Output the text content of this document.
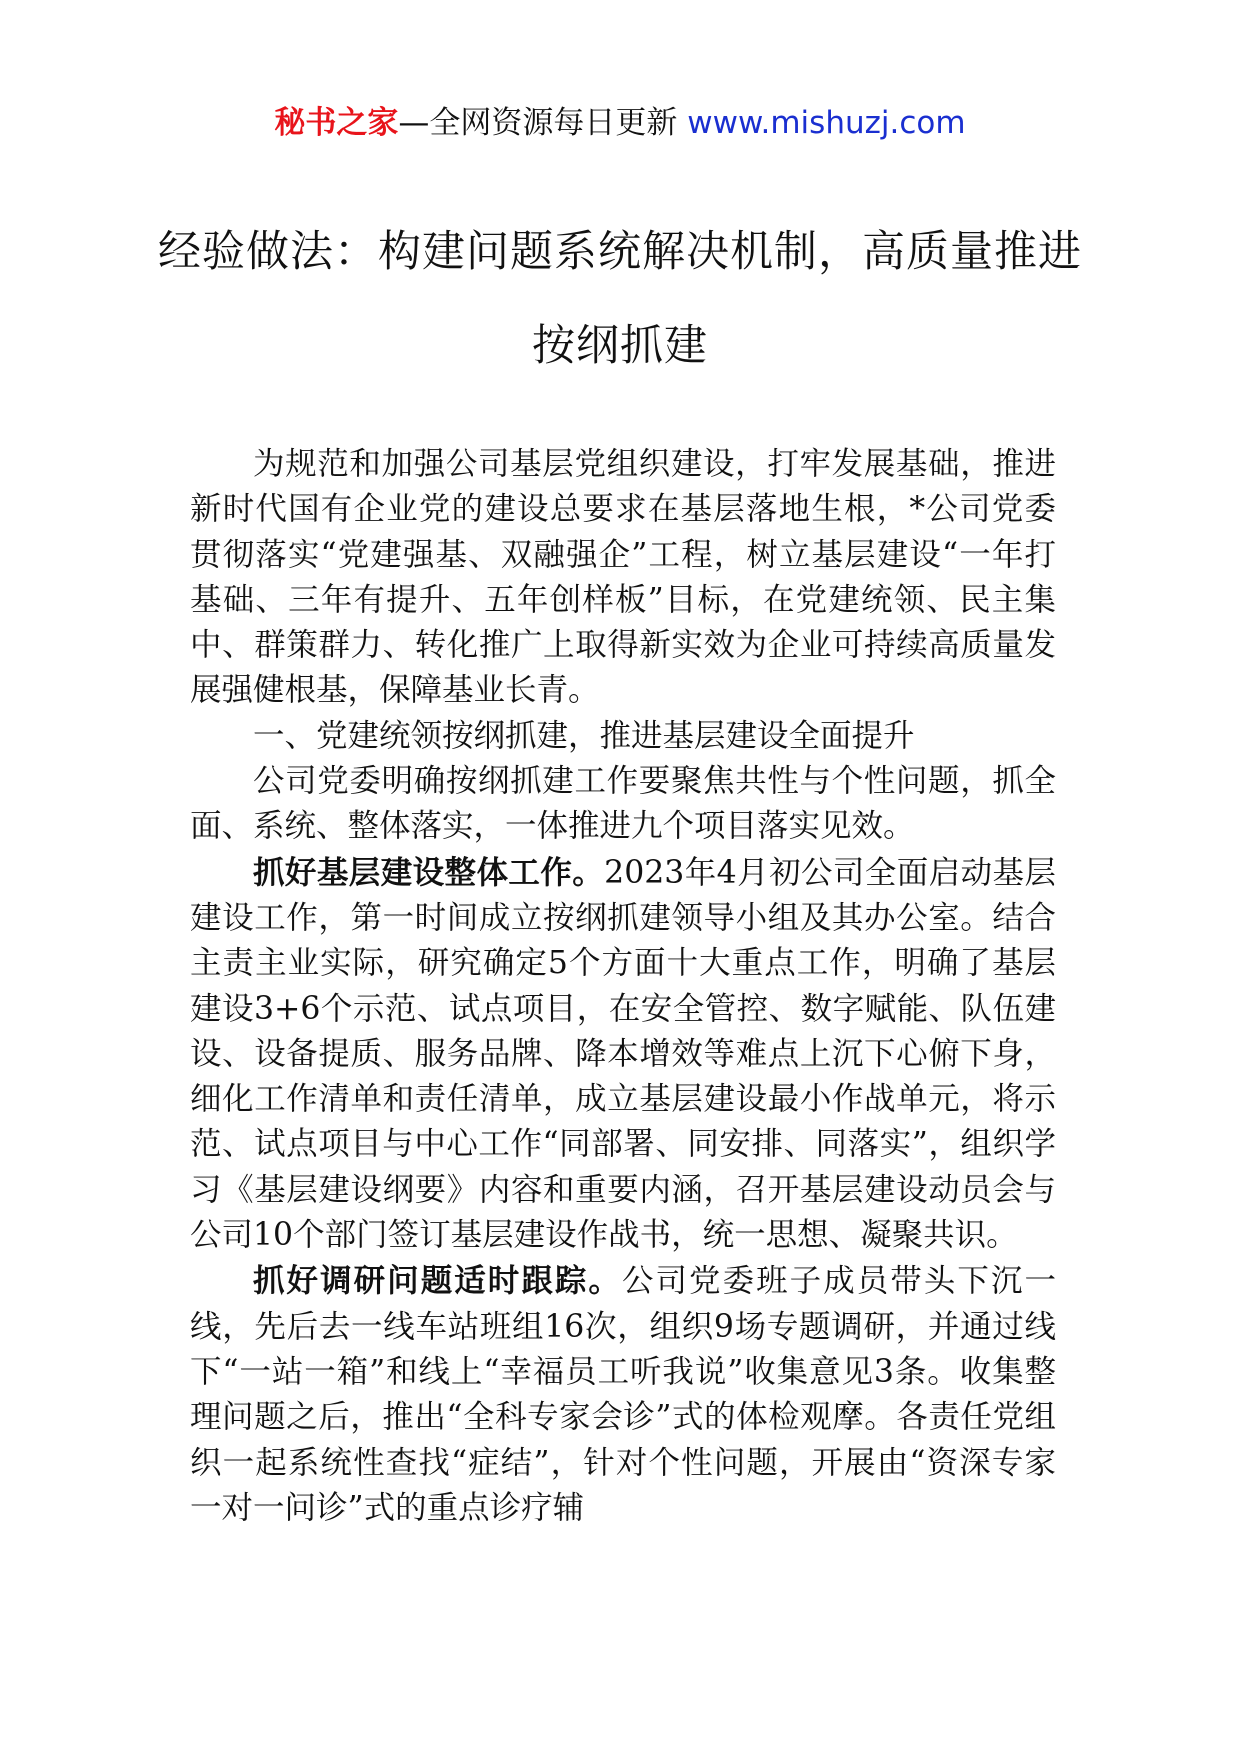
秘书之家—全网资源每日更新 www.mishuzj.com
经验做法：构建问题系统解决机制，高质量推进按纲抓建

为规范和加强公司基层党组织建设，打牢发展基础，推进新时代国有企业党的建设总要求在基层落地生根，*公司党委贯彻落实“党建强基、双融强企”工程，树立基层建设“一年打基础、三年有提升、五年创样板”目标，在党建统领、民主集中、群策群力、转化推广上取得新实效为企业可持续高质量发展强健根基，保障基业长青。

一、党建统领按纲抓建，推进基层建设全面提升

公司党委明确按纲抓建工作要聚焦共性与个性问题，抓全面、系统、整体落实，一体推进九个项目落实见效。

抓好基层建设整体工作。2023年4月初公司全面启动基层建设工作，第一时间成立按纲抓建领导小组及其办公室。结合主责主业实际，研究确定5个方面十大重点工作，明确了基层建设3+6个示范、试点项目，在安全管控、数字赋能、队伍建设、设备提质、服务品牌、降本增效等难点上沉下心俯下身，细化工作清单和责任清单，成立基层建设最小作战单元，将示范、试点项目与中心工作“同部署、同安排、同落实”，组织学习《基层建设纲要》内容和重要内涵，召开基层建设动员会与公司10个部门签订基层建设作战书，统一思想、凝聚共识。

抓好调研问题适时跟踪。公司党委班子成员带头下沉一线，先后去一线车站班组16次，组织9场专题调研，并通过线下“一站一箱”和线上“幸福员工听我说”收集意见3条。收集整理问题之后，推出“全科专家会诊”式的体检观摩。各责任党组织一起系统性查找“症结”，针对个性问题，开展由“资深专家一对一问诊”式的重点诊疗辅
